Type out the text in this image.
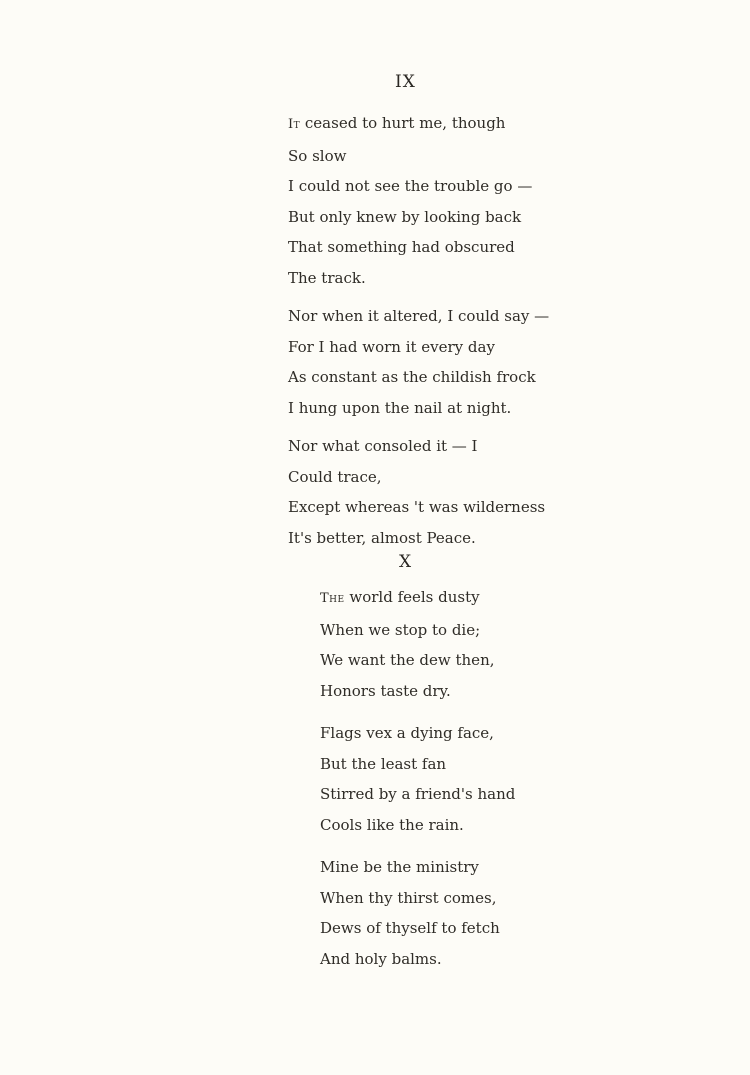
IX
It ceased to hurt me, though
So slow
I could not see the trouble go —
But only knew by looking back
That something had obscured
The track.
Nor when it altered, I could say —
For I had worn it every day
As constant as the childish frock
I hung upon the nail at night.
Nor what consoled it — I
Could trace,
Except whereas 't was wilderness
It's better, almost Peace.
X
The world feels dusty
When we stop to die;
We want the dew then,
Honors taste dry.
Flags vex a dying face,
But the least fan
Stirred by a friend's hand
Cools like the rain.
Mine be the ministry
When thy thirst comes,
Dews of thyself to fetch
And holy balms.
